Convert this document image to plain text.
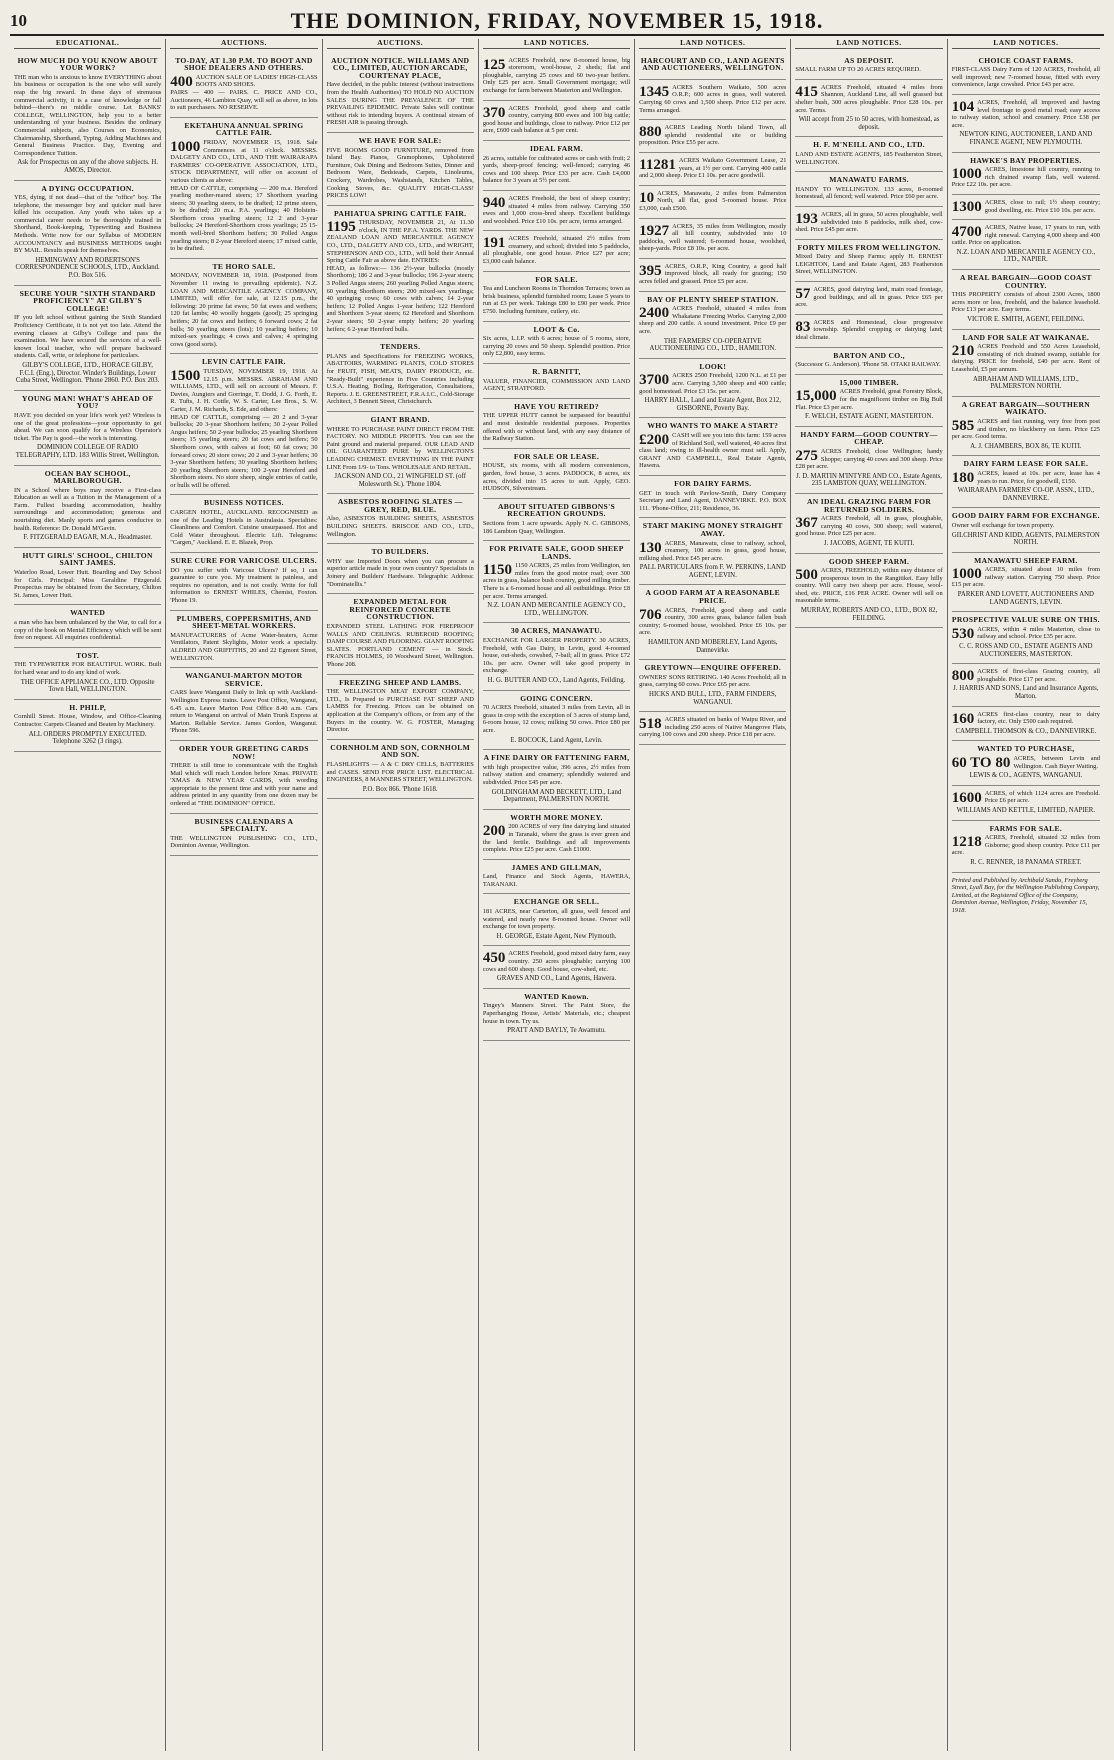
10	THE DOMINION, FRIDAY, NOVEMBER 15, 1918.
EDUCATIONAL.
HOW MUCH DO YOU KNOW ABOUT YOUR WORK?
THE man who is anxious to know EVERYTHING about his business or occupation is the one who will surely reap the big reward. In these days of strenuous commercial activity, it is a case of knowledge or fall behind—there's no middle course. Let BANKS' COLLEGE, WELLINGTON, help you to a better understanding of your business. Besides the ordinary Commercial subjects, also Courses on Economics, Chairmanship, Shorthand, Typing, Adding Machines and General Business Practice. Day, Evening and Correspondence Tuition.
Ask for Prospectus on any of the above subjects. H. AMOS, Director.
A DYING OCCUPATION.
YES, dying, if not dead—that of the "office" boy. The telephone, the messenger boy and quicker mail have killed his occupation. Any youth who takes up a commercial career needs to be thoroughly trained in Shorthand, Book-keeping, Typewriting and Business Methods. Write now for our Syllabus of MODERN ACCOUNTANCY and BUSINESS METHODS taught BY MAIL. Results speak for themselves.
HEMINGWAY AND ROBERTSON'S CORRESPONDENCE SCHOOLS, LTD., Auckland. P.O. Box 516.
SECURE YOUR "SIXTH STANDARD PROFICIENCY" AT GILBY'S COLLEGE!
IF you left school without gaining the Sixth Standard Proficiency Certificate, it is not yet too late. Attend the evening classes at Gilby's College and pass the examination. We have secured the services of a well-known local teacher, who will prepare backward students. Call, write, or telephone for particulars.
GILBY'S COLLEGE, LTD., HORACE GILBY, F.C.I. (Eng.), Director. Winder's Buildings, Lower Cuba Street, Wellington. 'Phone 2860. P.O. Box 203.
YOUNG MAN! WHAT'S AHEAD OF YOU?
HAVE you decided on your life's work yet? Wireless is one of the great professions—your opportunity to get ahead. We can soon qualify for a Wireless Operator's ticket. The Pay is good—the work is interesting.
DOMINION COLLEGE OF RADIO TELEGRAPHY, LTD. 183 Willis Street, Wellington.
OCEAN BAY SCHOOL, MARLBOROUGH.
IN a School where boys may receive a First-class Education as well as a Tuition in the Management of a Farm. Fullest boarding accommodation, healthy surroundings and accommodation; generous and nourishing diet. Manly sports and games conducive to health. Reference: Dr. Donald M'Gavin.
F. FITZGERALD EAGAR, M.A., Headmaster.
HUTT GIRLS' SCHOOL, CHILTON SAINT JAMES.
Waterloo Road, Lower Hutt. Boarding and Day School for Girls. Principal: Miss Geraldine Fitzgerald. Prospectus may be obtained from the Secretary, Chilton St. James, Lower Hutt.
WANTED
a man who has been unbalanced by the War, to call for a copy of the book on Mental Efficiency which will be sent free on request. All enquiries confidential.
TOST.
THE TYPEWRITER FOR BEAUTIFUL WORK. Built for hard wear and to do any kind of work.
THE OFFICE APPLIANCE CO., LTD. Opposite Town Hall, WELLINGTON.
H. PHILP,
Cornhill Street. House, Window, and Office-Cleaning Contractor. Carpets Cleaned and Beaten by Machinery.
ALL ORDERS PROMPTLY EXECUTED. Telephone 3262 (3 rings).
AUCTIONS.
TO-DAY, AT 1.30 P.M. TO BOOT AND SHOE DEALERS AND OTHERS.
400 AUCTION SALE OF LADIES' HIGH-CLASS BOOTS AND SHOES.
PAIRS — 400 — PAIRS. C. PRICE AND CO., Auctioneers, 46 Lambton Quay, will sell as above, in lots to suit purchasers. NO RESERVE.
EKETAHUNA ANNUAL SPRING CATTLE FAIR.
1000 FRIDAY, NOVEMBER 15, 1918. Sale Commences at 11 o'clock. MESSRS. DALGETY AND CO., LTD., AND THE WAIRARAPA FARMERS' CO-OPERATIVE ASSOCIATION, LTD., STOCK DEPARTMENT, will offer on account of various clients as above:
HEAD OF CATTLE, comprising — 200 m.a. Hereford yearling mother-reared steers; 17 Shorthorn yearling steers; 30 yearling steers, to be drafted; 12 prime steers, to be drafted; 20 m.a. P.A. yearlings; 40 Holstein-Shorthorn cross yearling steers; 12 2 and 3-year bullocks; 24 Hereford-Shorthorn cross yearlings; 25 15-month well-bred Shorthorn heifers; 30 Polled Angus yearling steers; 8 2-year Hereford steers; 17 mixed cattle, to be drafted.
TE HORO SALE.
MONDAY, NOVEMBER 18, 1918. (Postponed from November 11 owing to prevailing epidemic). N.Z. LOAN AND MERCANTILE AGENCY COMPANY, LIMITED, will offer for sale, at 12.15 p.m., the following: 20 prime fat ewes; 50 fat ewes and wethers; 120 fat lambs; 40 woolly hoggets (good); 25 springing heifers; 20 fat cows and heifers; 6 forward cows; 2 fat bulls; 50 yearling steers (lots); 10 yearling heifers; 10 mixed-sex yearlings; 4 cows and calves; 4 springing cows (good sorts).
LEVIN CATTLE FAIR.
1500 TUESDAY, NOVEMBER 19, 1918. At 12.15 p.m. MESSRS. ABRAHAM AND WILLIAMS, LTD., will sell on account of Messrs. F. Davies, Aungiers and Gorringe, T. Dodd, J. G. Forth, E. R. Tufts, J. H. Cottle, W. S. Carter, Lee Bros., S. W. Carter, J. M. Richards, S. Ede, and others:
HEAD OF CATTLE, comprising — 20 2 and 3-year bullocks; 20 3-year Shorthorn heifers; 30 2-year Polled Angus heifers; 50 2-year bullocks; 25 yearling Shorthorn steers; 15 yearling steers; 20 fat cows and heifers; 50 Shorthorn cows, with calves at foot; 60 fat cows; 30 forward cows; 20 store cows; 20 2 and 3-year heifers; 30 3-year Shorthorn heifers; 30 yearling Shorthorn heifers; 20 yearling Shorthorn steers; 100 2-year Hereford and Shorthorn steers. No store sheep, single entries of cattle, or bulls will be offered.
BUSINESS NOTICES.
CARGEN HOTEL, AUCKLAND. RECOGNISED as one of the Leading Hotels in Australasia. Specialties: Cleanliness and Comfort. Cuisine unsurpassed. Hot and Cold Water throughout. Electric Lift. Telegrams: "Cargen," Auckland. E. E. Blazek, Prop.
SURE CURE FOR VARICOSE ULCERS.
DO you suffer with Varicose Ulcers? If so, I can guarantee to cure you. My treatment is painless, and requires no operation, and is not costly. Write for full information to ERNEST WHILES, Chemist, Foxton. 'Phone 19.
PLUMBERS, COPPERSMITHS, AND SHEET-METAL WORKERS.
MANUFACTURERS of Acme Water-heaters, Acme Ventilators, Patent Skylights, Motor work a specialty. ALDRED AND GRIFFITHS, 20 and 22 Egmont Street, WELLINGTON.
WANGANUI-MARTON MOTOR SERVICE.
CARS leave Wanganui Daily to link up with Auckland-Wellington Express trains. Leave Post Office, Wanganui, 6.45 a.m. Leave Marton Post Office 8.40 a.m. Cars return to Wanganui on arrival of Main Trunk Express at Marton. Reliable Service. James Gordon, Wanganui. 'Phone 596.
ORDER YOUR GREETING CARDS NOW!
THERE is still time to communicate with the English Mail which will reach London before Xmas. PRIVATE 'XMAS & NEW YEAR CARDS, with wording appropriate to the present time and with your name and address printed in any quantity from one dozen may be ordered at "THE DOMINION" OFFICE.
BUSINESS CALENDARS A SPECIALTY.
THE WELLINGTON PUBLISHING CO., LTD., Dominion Avenue, Wellington.
AUCTIONS.
AUCTION NOTICE. WILLIAMS AND CO., LIMITED, AUCTION ARCADE, COURTENAY PLACE,
Have decided, in the public interest (without instructions from the Health Authorities) TO HOLD NO AUCTION SALES DURING THE PREVALENCE OF THE PREVAILING EPIDEMIC. Private Sales will continue without risk to intending buyers. A continual stream of FRESH AIR is passing through.
WE HAVE FOR SALE:
FIVE ROOMS GOOD FURNITURE, removed from Island Bay. Pianos, Gramophones, Upholstered Furniture, Oak Dining and Bedroom Suites, Dinner and Bedroom Ware, Bedsteads, Carpets, Linoleums, Crockery, Wardrobes, Washstands, Kitchen Tables, Cooking Stoves, &c. QUALITY HIGH-CLASS! PRICES LOW!
PAHIATUA SPRING CATTLE FAIR.
1195 THURSDAY, NOVEMBER 21, At 11.30 o'clock, IN THE P.F.A. YARDS. THE NEW ZEALAND LOAN AND MERCANTILE AGENCY CO., LTD., DALGETY AND CO., LTD., and WRIGHT, STEPHENSON AND CO., LTD., will hold their Annual Spring Cattle Fair as above date. ENTRIES:
HEAD, as follows:— 136 2½-year bullocks (mostly Shorthorn); 186 2 and 3-year bullocks; 196 2-year steers; 3 Polled Angus steers; 260 yearling Polled Angus steers; 60 yearling Shorthorn steers; 200 mixed-sex yearlings; 40 springing cows; 60 cows with calves; 14 2-year heifers; 12 Polled Angus 1-year heifers; 122 Hereford and Shorthorn 3-year steers; 62 Hereford and Shorthorn 2-year steers; 50 2-year empty heifers; 20 yearling heifers; 6 2-year Hereford bulls.
TENDERS.
PLANS and Specifications for FREEZING WORKS, ABATTOIRS, WARMING PLANTS, COLD STORES for FRUIT, FISH, MEATS, DAIRY PRODUCE, etc. "Ready-Built" experience in Five Countries including U.S.A. Heating, Boiling, Refrigeration, Consultations, Reports. J. E. GREENSTREET, F.R.A.I.C., Cold-Storage Architect, 3 Bennett Street, Christchurch.
GIANT BRAND.
WHERE TO PURCHASE PAINT DIRECT FROM THE FACTORY. NO MIDDLE PROFITS. You can see the Paint ground and material prepared. OUR LEAD AND OIL GUARANTEED PURE by WELLINGTON'S LEADING CHEMIST. EVERYTHING IN THE PAINT LINE From 1/9- to Tons. WHOLESALE AND RETAIL.
JACKSON AND CO., 21 WINGFIELD ST. (off Molesworth St.). 'Phone 1804.
ASBESTOS ROOFING SLATES — GREY, RED, BLUE.
Also, ASBESTOS BUILDING SHEETS, ASBESTOS BUILDING SHEETS. BRISCOE AND CO., LTD., Wellington.
TO BUILDERS.
WHY use Imported Doors when you can procure a superior article made in your own country? Specialists in Joinery and Builders' Hardware. Telegraphic Address: "Dominatellis."
EXPANDED METAL FOR REINFORCED CONCRETE CONSTRUCTION.
EXPANDED STEEL LATHING FOR FIREPROOF WALLS AND CEILINGS. RUBEROID ROOFING; DAMP COURSE AND FLOORING. GIANT ROOFING SLATES. PORTLAND CEMENT — in Stock. FRANCIS HOLMES, 10 Woodward Street, Wellington. 'Phone 208.
FREEZING SHEEP AND LAMBS.
THE WELLINGTON MEAT EXPORT COMPANY, LTD., Is Prepared to PURCHASE FAT SHEEP AND LAMBS for Freezing. Prices can be obtained on application at the Company's offices, or from any of the Buyers in the country. W. G. FOSTER, Managing Director.
CORNHOLM AND SON, CORNHOLM AND SON.
FLASHLIGHTS — A & C DRY CELLS, BATTERIES and CASES. SEND FOR PRICE LIST. ELECTRICAL ENGINEERS, 8 MANNERS STREET, WELLINGTON.
P.O. Box 866. 'Phone 1618.
LAND NOTICES.
125 ACRES Freehold, new 8-roomed house, big storeroom, wool-house, 2 sheds; flat and ploughable, carrying 25 cows and 60 two-year heifers. Only £25 per acre. Small Government mortgage; will exchange for farm between Masterton and Wellington.
370 ACRES Freehold, good sheep and cattle country, carrying 800 ewes and 100 big cattle; good house and buildings, close to railway. Price £12 per acre, £600 cash balance at 5 per cent.
IDEAL FARM.
26 acres, suitable for cultivated acres or cash with fruit; 2 yards, sheep-proof fencing; well-fenced; carrying 46 cows and 100 sheep. Price £33 per acre. Cash £4,000 balance for 3 years at 5½ per cent.
940 ACRES Freehold, the best of sheep country; situated 4 miles from railway. Carrying 350 ewes and 1,000 cross-bred sheep. Excellent buildings and woolshed. Price £10 10s. per acre, terms arranged.
191 ACRES Freehold, situated 2½ miles from creamery, and school; divided into 5 paddocks, all ploughable, one good house. Price £27 per acre; £3,000 cash balance.
FOR SALE.
Tea and Luncheon Rooms in Thorndon Terraces; town as brisk business, splendid furnished room; Lease 5 years to run at £3 per week. Takings £80 to £90 per week. Price £750. Including furniture, cutlery, etc.
LOOT & Co.
Six acres, L.I.P. with 6 acres; house of 5 rooms, store, carrying 20 cows and 50 sheep. Splendid position. Price only £2,800, easy terms.
R. BARNITT,
VALUER, FINANCIER, COMMISSION AND LAND AGENT, STRATFORD.
HAVE YOU RETIRED?
THE UPPER HUTT cannot be surpassed for beautiful and most desirable residential purposes. Properties offered with or without land, with any easy distance of the Railway Station.
FOR SALE OR LEASE.
HOUSE, six rooms, with all modern conveniences, garden, fowl house, 3 acres. PADDOCK, 8 acres, six acres, divided into 15 acres to suit. Apply, GEO. HUDSON, Silverstream.
ABOUT SITUATED GIBBONS'S RECREATION GROUNDS.
Sections from 1 acre upwards. Apply N. C. GIBBONS, 186 Lambton Quay, Wellington.
FOR PRIVATE SALE, GOOD SHEEP LANDS.
1150 1150 ACRES, 25 miles from Wellington, ten miles from the good motor road; over 300 acres in grass, balance bush country, good milling timber. There is a 6-roomed house and all outbuildings. Price £8 per acre. Terms arranged.
N.Z. LOAN AND MERCANTILE AGENCY CO., LTD., WELLINGTON.
30 ACRES, MANAWATU.
EXCHANGE FOR LARGER PROPERTY. 30 ACRES, Freehold, with Gas Dairy, in Levin, good 4-roomed house, out-sheds, cowshed, 7-bail; all in grass. Price £72 10s. per acre. Owner will take good property in exchange.
H. G. BUTTER AND CO., Land Agents, Feilding.
GOING CONCERN.
70 ACRES Freehold, situated 3 miles from Levin, all in grass in crop with the exception of 3 acres of stump land, 6-room house, 12 cows; milking 50 cows. Price £80 per acre.
E. BOCOCK, Land Agent, Levin.
A FINE DAIRY OR FATTENING FARM,
with high prospective value, 396 acres, 2½ miles from railway station and creamery; splendidly watered and subdivided. Price £45 per acre.
GOLDINGHAM AND BECKETT, LTD., Land Department, PALMERSTON NORTH.
WORTH MORE MONEY.
200 200 ACRES of very fine dairying land situated in Taranaki, where the grass is ever green and the land fertile. Buildings and all improvements complete. Price £25 per acre. Cash £1000.
JAMES AND GILLMAN,
Land, Finance and Stock Agents, HAWERA, TARANAKI.
EXCHANGE OR SELL.
181 ACRES, near Carterton, all grass, well fenced and watered, and nearly new 8-roomed house. Owner will exchange for town property.
H. GEORGE, Estate Agent, New Plymouth.
450 ACRES Freehold, good mixed dairy farm, easy country. 250 acres ploughable; carrying 100 cows and 600 sheep. Good house, cow-shed, etc.
GRAVES AND CO., Land Agents, Hawera.
WANTED Known.
Tingey's Manners Street. The Paint Store, the Paperhanging House, Artists' Materials, etc.; cheapest house in town. Try us.
PRATT AND BAYLY, Te Awamutu.
LAND NOTICES.
HARCOURT AND CO., LAND AGENTS AND AUCTIONEERS, WELLINGTON.
1345 ACRES Southern Waikato, 500 acres O.R.P.; 600 acres in grass, well watered. Carrying 60 cows and 1,500 sheep. Price £12 per acre. Terms arranged.
880 ACRES Leading North Island Town, all splendid residential site or building proposition. Price £55 per acre.
11281 ACRES Waikato Government Lease, 21 years, at 1½ per cent. Carrying 400 cattle and 2,000 sheep. Price £1 10s. per acre goodwill.
10 ACRES, Manawatu, 2 miles from Palmerston North, all flat, good 5-roomed house. Price £3,000, cash £500.
1927 ACRES, 35 miles from Wellington, mostly all hill country, subdivided into 10 paddocks, well watered; 6-roomed house, woolshed, sheep-yards. Price £8 10s. per acre.
395 ACRES, O.R.P., King Country, a good half improved block, all ready for grazing; 150 acres felled and grassed. Price £5 per acre.
BAY OF PLENTY SHEEP STATION.
2400 ACRES Freehold, situated 4 miles from Whakatane Freezing Works. Carrying 2,000 sheep and 200 cattle. A sound investment. Price £9 per acre.
THE FARMERS' CO-OPERATIVE AUCTIONEERING CO., LTD., HAMILTON.
LOOK!
3700 ACRES 2500 Freehold, 1200 N.L. at £1 per acre. Carrying 3,500 sheep and 400 cattle; good homestead. Price £3 15s. per acre.
HARRY HALL, Land and Estate Agent, Box 212, GISBORNE, Poverty Bay.
WHO WANTS TO MAKE A START?
£200 CASH will see you into this farm: 159 acres of Richland Soil, well watered, 40 acres first class land; owing to ill-health owner must sell. Apply, GRANT AND CAMPBELL, Real Estate Agents, Hawera.
FOR DAIRY FARMS.
GET in touch with Pavlow-Smith, Dairy Company Secretary and Land Agent, DANNEVIRKE. P.O. BOX 111. 'Phone-Office, 211; Residence, 36.
START MAKING MONEY STRAIGHT AWAY.
130 ACRES, Manawatu, close to railway, school, creamery, 100 acres in grass, good house, milking shed. Price £45 per acre.
PALL PARTICULARS from F. W. PERKINS, LAND AGENT, LEVIN.
A GOOD FARM AT A REASONABLE PRICE.
706 ACRES, Freehold, good sheep and cattle country, 300 acres grass, balance fallen bush country; 6-roomed house, woolshed. Price £6 10s. per acre.
HAMILTON AND MOBERLEY, Land Agents, Dannevirke.
GREYTOWN—ENQUIRE OFFERED.
OWNERS' SONS RETIRING. 140 Acres Freehold; all in grass, carrying 60 cows. Price £65 per acre.
HICKS AND BULL, LTD., FARM FINDERS, WANGANUI.
518 ACRES situated on banks of Waipu River, and including 250 acres of Native Mangrove Flats, carrying 100 cows and 200 sheep. Price £18 per acre.
LAND NOTICES.
AS DEPOSIT.
SMALL FARM UP TO 20 ACRES REQUIRED.
415 ACRES Freehold, situated 4 miles from Shannon, Auckland Line, all well grassed but shelter bush, 300 acres ploughable. Price £28 10s. per acre. Terms.
Will accept from 25 to 50 acres, with homestead, as deposit.
H. F. M'NEILL AND CO., LTD.
LAND AND ESTATE AGENTS, 185 Featherston Street, WELLINGTON.
MANAWATU FARMS.
HANDY TO WELLINGTON. 133 acres, 8-roomed homestead, all fenced; well watered. Price £60 per acre.
193 ACRES, all in grass, 50 acres ploughable, well subdivided into 8 paddocks, milk shed, cow-shed. Price £45 per acre.
FORTY MILES FROM WELLINGTON.
Mixed Dairy and Sheep Farms; apply H. ERNEST LEIGHTON, Land and Estate Agent, 283 Featherston Street, WELLINGTON.
57 ACRES, good dairying land, main road frontage, good buildings, and all in grass. Price £65 per acre.
83 ACRES and Homestead, close progressive township. Splendid cropping or dairying land; ideal climate.
BARTON AND CO.,
(Successor G. Anderson). 'Phone 58. OTAKI RAILWAY.
15,000 TIMBER.
15,000 ACRES Freehold, great Forestry Block, for the magnificent timber on Big Bull Flat. Price £3 per acre.
F. WELCH, ESTATE AGENT, MASTERTON.
HANDY FARM—GOOD COUNTRY—CHEAP.
275 ACRES Freehold, close Wellington; handy Shoppe; carrying 40 cows and 300 sheep. Price £28 per acre.
J. D. MARTIN M'INTYRE AND CO., Estate Agents, 235 LAMBTON QUAY, WELLINGTON.
AN IDEAL GRAZING FARM FOR RETURNED SOLDIERS.
367 ACRES Freehold, all in grass, ploughable, carrying 40 cows, 300 sheep; well watered, good house. Price £25 per acre.
J. JACOBS, AGENT, TE KUITI.
GOOD SHEEP FARM.
500 ACRES, FREEHOLD, within easy distance of prosperous town in the Rangitikei. Easy hilly country. Will carry two sheep per acre. House, wool-shed, etc. PRICE, £16 PER ACRE. Owner will sell on reasonable terms.
MURRAY, ROBERTS AND CO., LTD., BOX 82, FEILDING.
LAND NOTICES.
CHOICE COAST FARMS.
FIRST-CLASS Dairy Farm of 120 ACRES, Freehold, all well improved; new 7-roomed house, fitted with every convenience, large cowshed. Price £43 per acre.
104 ACRES, Freehold, all improved and having level frontage to good metal road; easy access to railway station, school and creamery. Price £38 per acre.
NEWTON KING, AUCTIONEER, LAND AND FINANCE AGENT, NEW PLYMOUTH.
HAWKE'S BAY PROPERTIES.
1000 ACRES, limestone hill country, running to rich drained swamp flats, well watered. Price £22 10s. per acre.
1300 ACRES, close to rail; 1½ sheep country; good dwelling, etc. Price £10 10s. per acre.
4700 ACRES, Native lease, 17 years to run, with right renewal. Carrying 4,000 sheep and 400 cattle. Price on application.
N.Z. LOAN AND MERCANTILE AGENCY CO., LTD., NAPIER.
A REAL BARGAIN—GOOD COAST COUNTRY.
THIS PROPERTY consists of about 2300 Acres, 1800 acres more or less, freehold, and the balance leasehold. Price £13 per acre. Easy terms.
VICTOR E. SMITH, AGENT, FEILDING.
LAND FOR SALE AT WAIKANAE.
210 ACRES Freehold and 550 Acres Leasehold, consisting of rich drained swamp, suitable for dairying. PRICE for freehold, £40 per acre. Rent of Leasehold, £5 per annum.
ABRAHAM AND WILLIAMS, LTD., PALMERSTON NORTH.
A GREAT BARGAIN—SOUTHERN WAIKATO.
585 ACRES and fast running, very free from post and timber, no blackberry on farm. Price £25 per acre. Good terms.
A. J. CHAMBERS, BOX 86, TE KUITI.
DAIRY FARM LEASE FOR SALE.
180 ACRES, leased at 10s. per acre, lease has 4 years to run. Price, for goodwill, £150.
WAIRARAPA FARMERS' CO-OP. ASSN., LTD., DANNEVIRKE.
GOOD DAIRY FARM FOR EXCHANGE.
Owner will exchange for town property.
GILCHRIST AND KIDD, AGENTS, PALMERSTON NORTH.
MANAWATU SHEEP FARM.
1000 ACRES, situated about 10 miles from railway station. Carrying 750 sheep. Price £15 per acre.
PARKER AND LOVETT, AUCTIONEERS AND LAND AGENTS, LEVIN.
PROSPECTIVE VALUE SURE ON THIS.
530 ACRES, within 4 miles Masterton, close to railway and school. Price £35 per acre.
C. C. ROSS AND CO., ESTATE AGENTS AND AUCTIONEERS, MASTERTON.
800 ACRES of first-class Grazing country, all ploughable. Price £17 per acre.
J. HARRIS AND SONS, Land and Insurance Agents, Marton.
160 ACRES first-class country, near to dairy factory, etc. Only £500 cash required.
CAMPBELL THOMSON & CO., DANNEVIRKE.
WANTED TO PURCHASE,
60 TO 80 ACRES, between Levin and Wellington. Cash Buyer Waiting.
LEWIS & CO., AGENTS, WANGANUI.
1600 ACRES, of which 1124 acres are Freehold. Price £6 per acre.
WILLIAMS AND KETTLE, LIMITED, NAPIER.
FARMS FOR SALE.
1218 ACRES, Freehold, situated 32 miles from Gisborne; good sheep country. Price £11 per acre.
R. C. RENNER, 18 PANAMA STREET.
Printed and Published by Archibald Sando, Freyberg Street, Lyall Bay, for the Wellington Publishing Company, Limited, at the Registered Office of the Company, Dominion Avenue, Wellington, Friday, November 15, 1918.
